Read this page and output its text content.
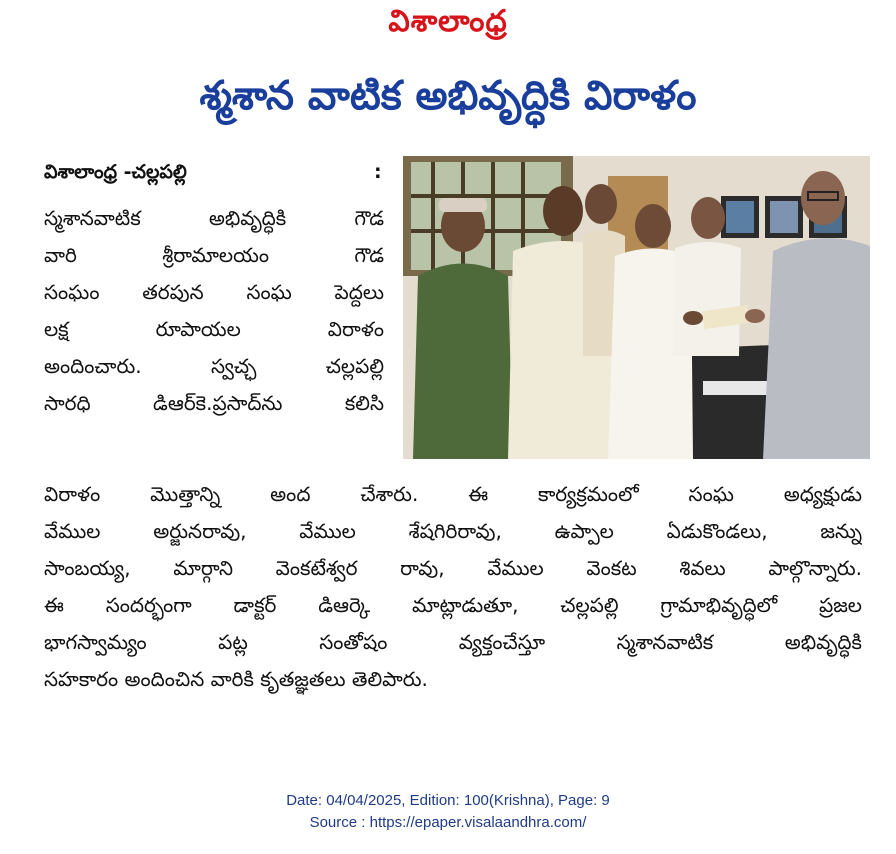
విశాలాంధ్ర
శ్మశాన వాటిక అభివృద్ధికి విరాళం
విశాలాంధ్ర -చల్లపల్లి	:
స్మశానవాటిక అభివృద్ధికి గౌడ
వారి శ్రీరామాలయం గౌడ
సంఘం తరపున సంఘ పెద్దలు
లక్ష రూపాయల విరాళం
అందించారు. స్వచ్ఛ చల్లపల్లి
సారధి డిఆర్‌కె.ప్రసాద్‌ను కలిసి
విరాళం మొత్తాన్ని అంద చేశారు. ఈ కార్యక్రమంలో సంఘ అధ్యక్షుడు
వేముల అర్జునరావు, వేముల శేషగిరిరావు, ఉప్పాల ఏడుకొండలు, జన్ను
సాంబయ్య, మార్గాని వెంకటేశ్వర రావు, వేముల వెంకట శివలు పాల్గొన్నారు.
ఈ సందర్భంగా డాక్టర్ డిఆర్కె మాట్లాడుతూ, చల్లపల్లి గ్రామాభివృద్ధిలో ప్రజల
భాగస్వామ్యం పట్ల సంతోషం వ్యక్తంచేస్తూ స్మశానవాటిక అభివృద్ధికి
సహకారం అందించిన వారికి కృతజ్ఞతలు తెలిపారు.
Date: 04/04/2025, Edition: 100(Krishna), Page: 9
Source : https://epaper.visalaandhra.com/
